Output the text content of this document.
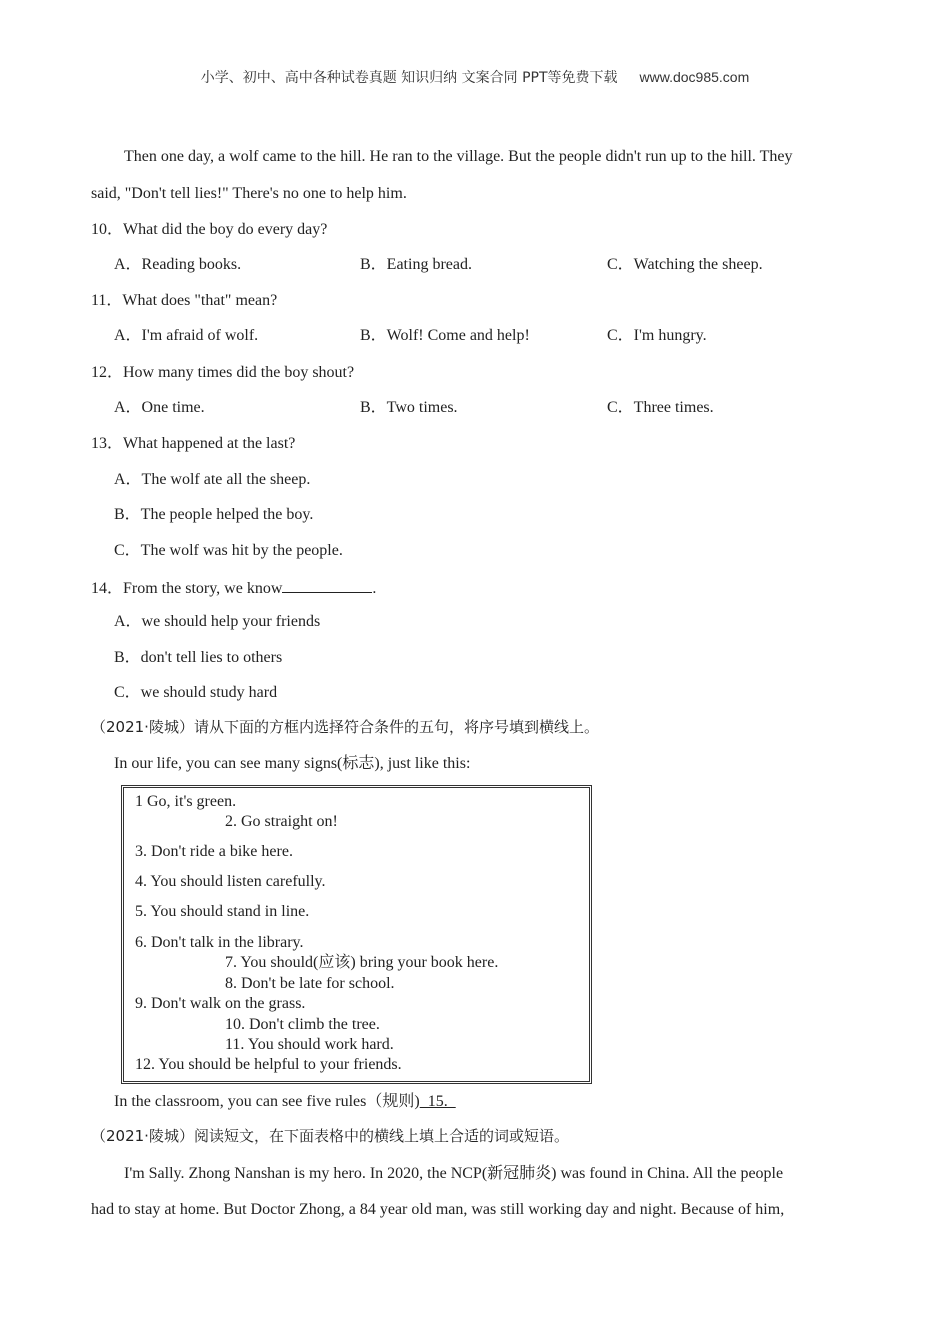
小学、初中、高中各种试卷真题 知识归纳 文案合同 PPT等免费下载 www.doc985.com
Then one day, a wolf came to the hill. He ran to the village. But the people didn't run up to the hill. They
said, "Don't tell lies!" There's no one to help him.
10．What did the boy do every day?
A．Reading books.	B．Eating bread.	C．Watching the sheep.
11．What does "that" mean?
A．I'm afraid of wolf.	B．Wolf! Come and help!	C．I'm hungry.
12．How many times did the boy shout?
A．One time.	B．Two times.	C．Three times.
13．What happened at the last?
A．The wolf ate all the sheep.
B．The people helped the boy.
C．The wolf was hit by the people.
14．From the story, we know	.
A．we should help your friends
B．don't tell lies to others
C．we should study hard
（2021·陵城）请从下面的方框内选择符合条件的五句，将序号填到横线上。
In our life, you can see many signs(标志), just like this:
1 Go, it's green.
2. Go straight on!
3. Don't ride a bike here.
4. You should listen carefully.
5. You should stand in line.
6. Don't talk in the library.
7. You should(应该) bring your book here.
8. Don't be late for school.
9. Don't walk on the grass.
10. Don't climb the tree.
11. You should work hard.
12. You should be helpful to your friends.
In the classroom, you can see five rules（规则)  15.
（2021·陵城）阅读短文，在下面表格中的横线上填上合适的词或短语。
I'm Sally. Zhong Nanshan is my hero. In 2020, the NCP(新冠肺炎) was found in China. All the people
had to stay at home. But Doctor Zhong, a 84 year old man, was still working day and night. Because of him,
